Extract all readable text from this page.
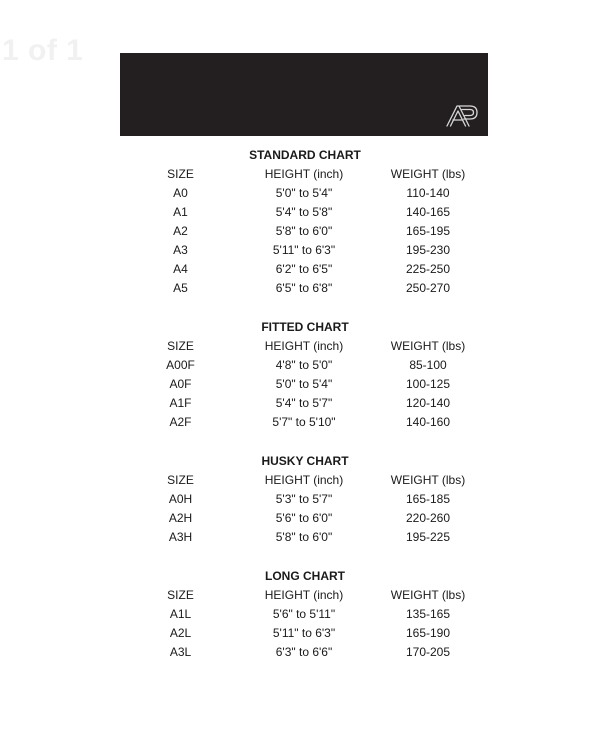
1 of 1
STANDARD CHART
SIZE	HEIGHT (inch)	WEIGHT (lbs)
A0	5'0" to 5'4"	110-140
A1	5'4" to 5'8"	140-165
A2	5'8" to 6'0"	165-195
A3	5'11" to 6'3"	195-230
A4	6'2" to 6'5"	225-250
A5	6'5" to 6'8"	250-270
FITTED CHART
SIZE	HEIGHT (inch)	WEIGHT (lbs)
A00F	4'8" to 5'0"	85-100
A0F	5'0" to 5'4"	100-125
A1F	5'4" to 5'7"	120-140
A2F	5'7" to 5'10"	140-160
HUSKY CHART
SIZE	HEIGHT (inch)	WEIGHT (lbs)
A0H	5'3" to 5'7"	165-185
A2H	5'6" to 6'0"	220-260
A3H	5'8" to 6'0"	195-225
LONG CHART
SIZE	HEIGHT (inch)	WEIGHT (lbs)
A1L	5'6" to 5'11"	135-165
A2L	5'11" to 6'3"	165-190
A3L	6'3" to 6'6"	170-205
